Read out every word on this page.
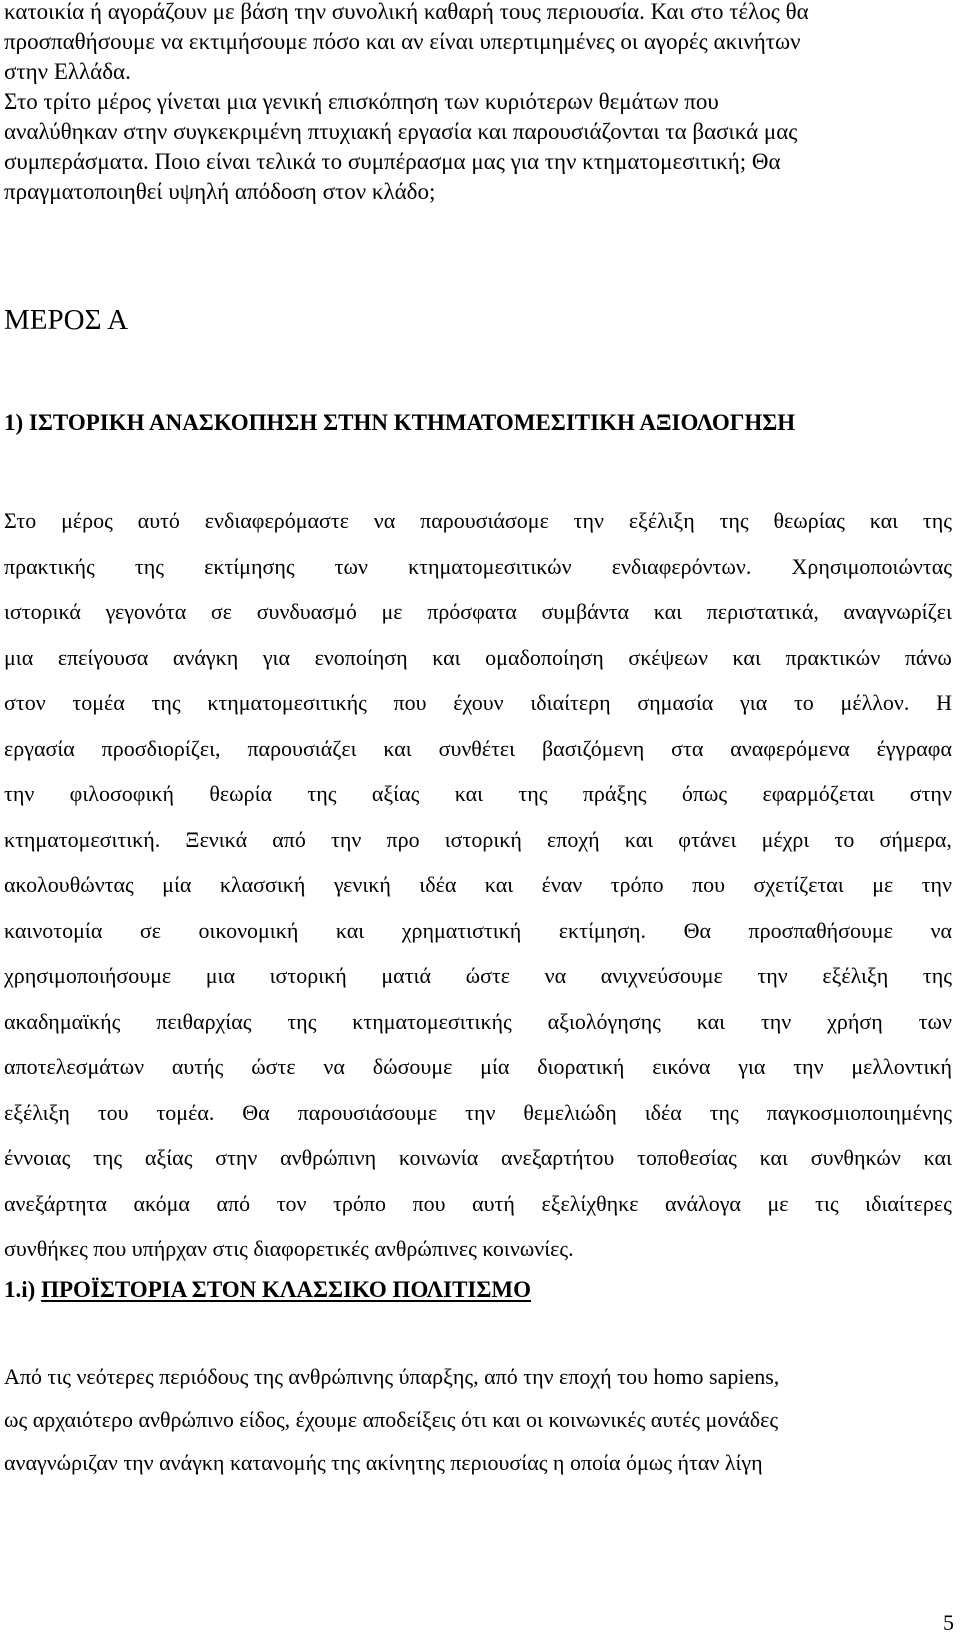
κατοικία ή αγοράζουν με βάση την συνολική καθαρή τους περιουσία. Και στο τέλος θα
προσπαθήσουμε να εκτιμήσουμε πόσο και αν είναι υπερτιμημένες οι αγορές ακινήτων
στην Ελλάδα.
Στο τρίτο μέρος γίνεται μια γενική επισκόπηση των κυριότερων θεμάτων που
αναλύθηκαν στην συγκεκριμένη πτυχιακή εργασία και παρουσιάζονται τα βασικά μας
συμπεράσματα. Ποιο είναι τελικά το συμπέρασμα μας για την κτηματομεσιτική; Θα
πραγματοποιηθεί υψηλή απόδοση στον κλάδο;
ΜΕΡΟΣ Α
1) ΙΣΤΟΡΙΚΗ ΑΝΑΣΚΟΠΗΣΗ ΣΤΗΝ ΚΤΗΜΑΤΟΜΕΣΙΤΙΚΗ ΑΞΙΟΛΟΓΗΣΗ
Στο μέρος αυτό ενδιαφερόμαστε να παρουσιάσομε την εξέλιξη της θεωρίας και της
πρακτικής της εκτίμησης των κτηματομεσιτικών ενδιαφερόντων. Χρησιμοποιώντας
ιστορικά γεγονότα σε συνδυασμό με πρόσφατα συμβάντα και περιστατικά, αναγνωρίζει
μια επείγουσα ανάγκη για ενοποίηση και ομαδοποίηση σκέψεων και πρακτικών πάνω
στον τομέα της κτηματομεσιτικής που έχουν ιδιαίτερη σημασία για το μέλλον. Η
εργασία προσδιορίζει, παρουσιάζει και συνθέτει βασιζόμενη στα αναφερόμενα έγγραφα
την φιλοσοφική θεωρία της αξίας και της πράξης όπως εφαρμόζεται στην
κτηματομεσιτική. Ξενικά από την προ ιστορική εποχή και φτάνει μέχρι το σήμερα,
ακολουθώντας μία κλασσική γενική ιδέα και έναν τρόπο που σχετίζεται με την
καινοτομία σε οικονομική και χρηματιστική εκτίμηση. Θα προσπαθήσουμε να
χρησιμοποιήσουμε μια ιστορική ματιά ώστε να ανιχνεύσουμε την εξέλιξη της
ακαδημαϊκής πειθαρχίας της κτηματομεσιτικής αξιολόγησης και την χρήση των
αποτελεσμάτων αυτής ώστε να δώσουμε μία διορατική εικόνα για την μελλοντική
εξέλιξη του τομέα. Θα παρουσιάσουμε την θεμελιώδη ιδέα της παγκοσμιοποιημένης
έννοιας της αξίας στην ανθρώπινη κοινωνία ανεξαρτήτου τοποθεσίας και συνθηκών και
ανεξάρτητα ακόμα από τον τρόπο που αυτή εξελίχθηκε ανάλογα με τις ιδιαίτερες
συνθήκες που υπήρχαν στις διαφορετικές ανθρώπινες κοινωνίες.
1.i) ΠΡΟΪΣΤΟΡΙΑ ΣΤΟΝ ΚΛΑΣΣΙΚΟ ΠΟΛΙΤΙΣΜΟ
Από τις νεότερες περιόδους της ανθρώπινης ύπαρξης, από την εποχή του homo sapiens,
ως αρχαιότερο ανθρώπινο είδος, έχουμε αποδείξεις ότι και οι κοινωνικές αυτές μονάδες
αναγνώριζαν την ανάγκη κατανομής της ακίνητης περιουσίας η οποία όμως ήταν λίγη
5
